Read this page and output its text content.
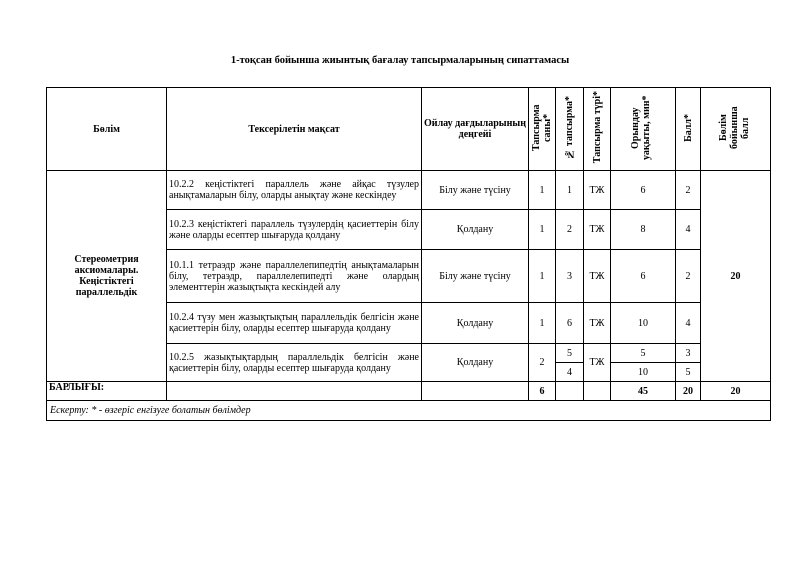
1-тоқсан бойынша жиынтық бағалау тапсырмаларының сипаттамасы
Бөлім	Тексерілетін мақсат	Ойлау дағдыларының деңгейі	Тапсырма саны*	№ тапсырма*	Тапсырма түрі*	Орындау уақыты, мин*	Балл*	Бөлім бойынша балл
Стереометрия аксиомалары. Кеңістіктегі параллельдік	10.2.2 кеңістіктегі параллель және айқас түзулер анықтамаларын білу, оларды анықтау және кескіндеу	Білу және түсіну	1	1	ТЖ	6	2	20
	10.2.3 кеңістіктегі параллель түзулердің қасиеттерін білу және оларды есептер шығаруда қолдану	Қолдану	1	2	ТЖ	8	4	
	10.1.1 тетраэдр және параллелепипедтің анықтамаларын білу, тетраэдр, параллелепипедті және олардың элементтерін жазықтықта кескіндей алу	Білу және түсіну	1	3	ТЖ	6	2	
	10.2.4 түзу мен жазықтықтың параллельдік белгісін және қасиеттерін білу, оларды есептер шығаруда қолдану	Қолдану	1	6	ТЖ	10	4	
	10.2.5 жазықтықтардың параллельдік белгісін және қасиеттерін білу, оларды есептер шығаруда қолдану	Қолдану	2	5	ТЖ	5	3	
				4		10	5	
БАРЛЫҒЫ:			6			45	20	20
Ескерту: * - өзгеріс енгізуге болатын бөлімдер								
